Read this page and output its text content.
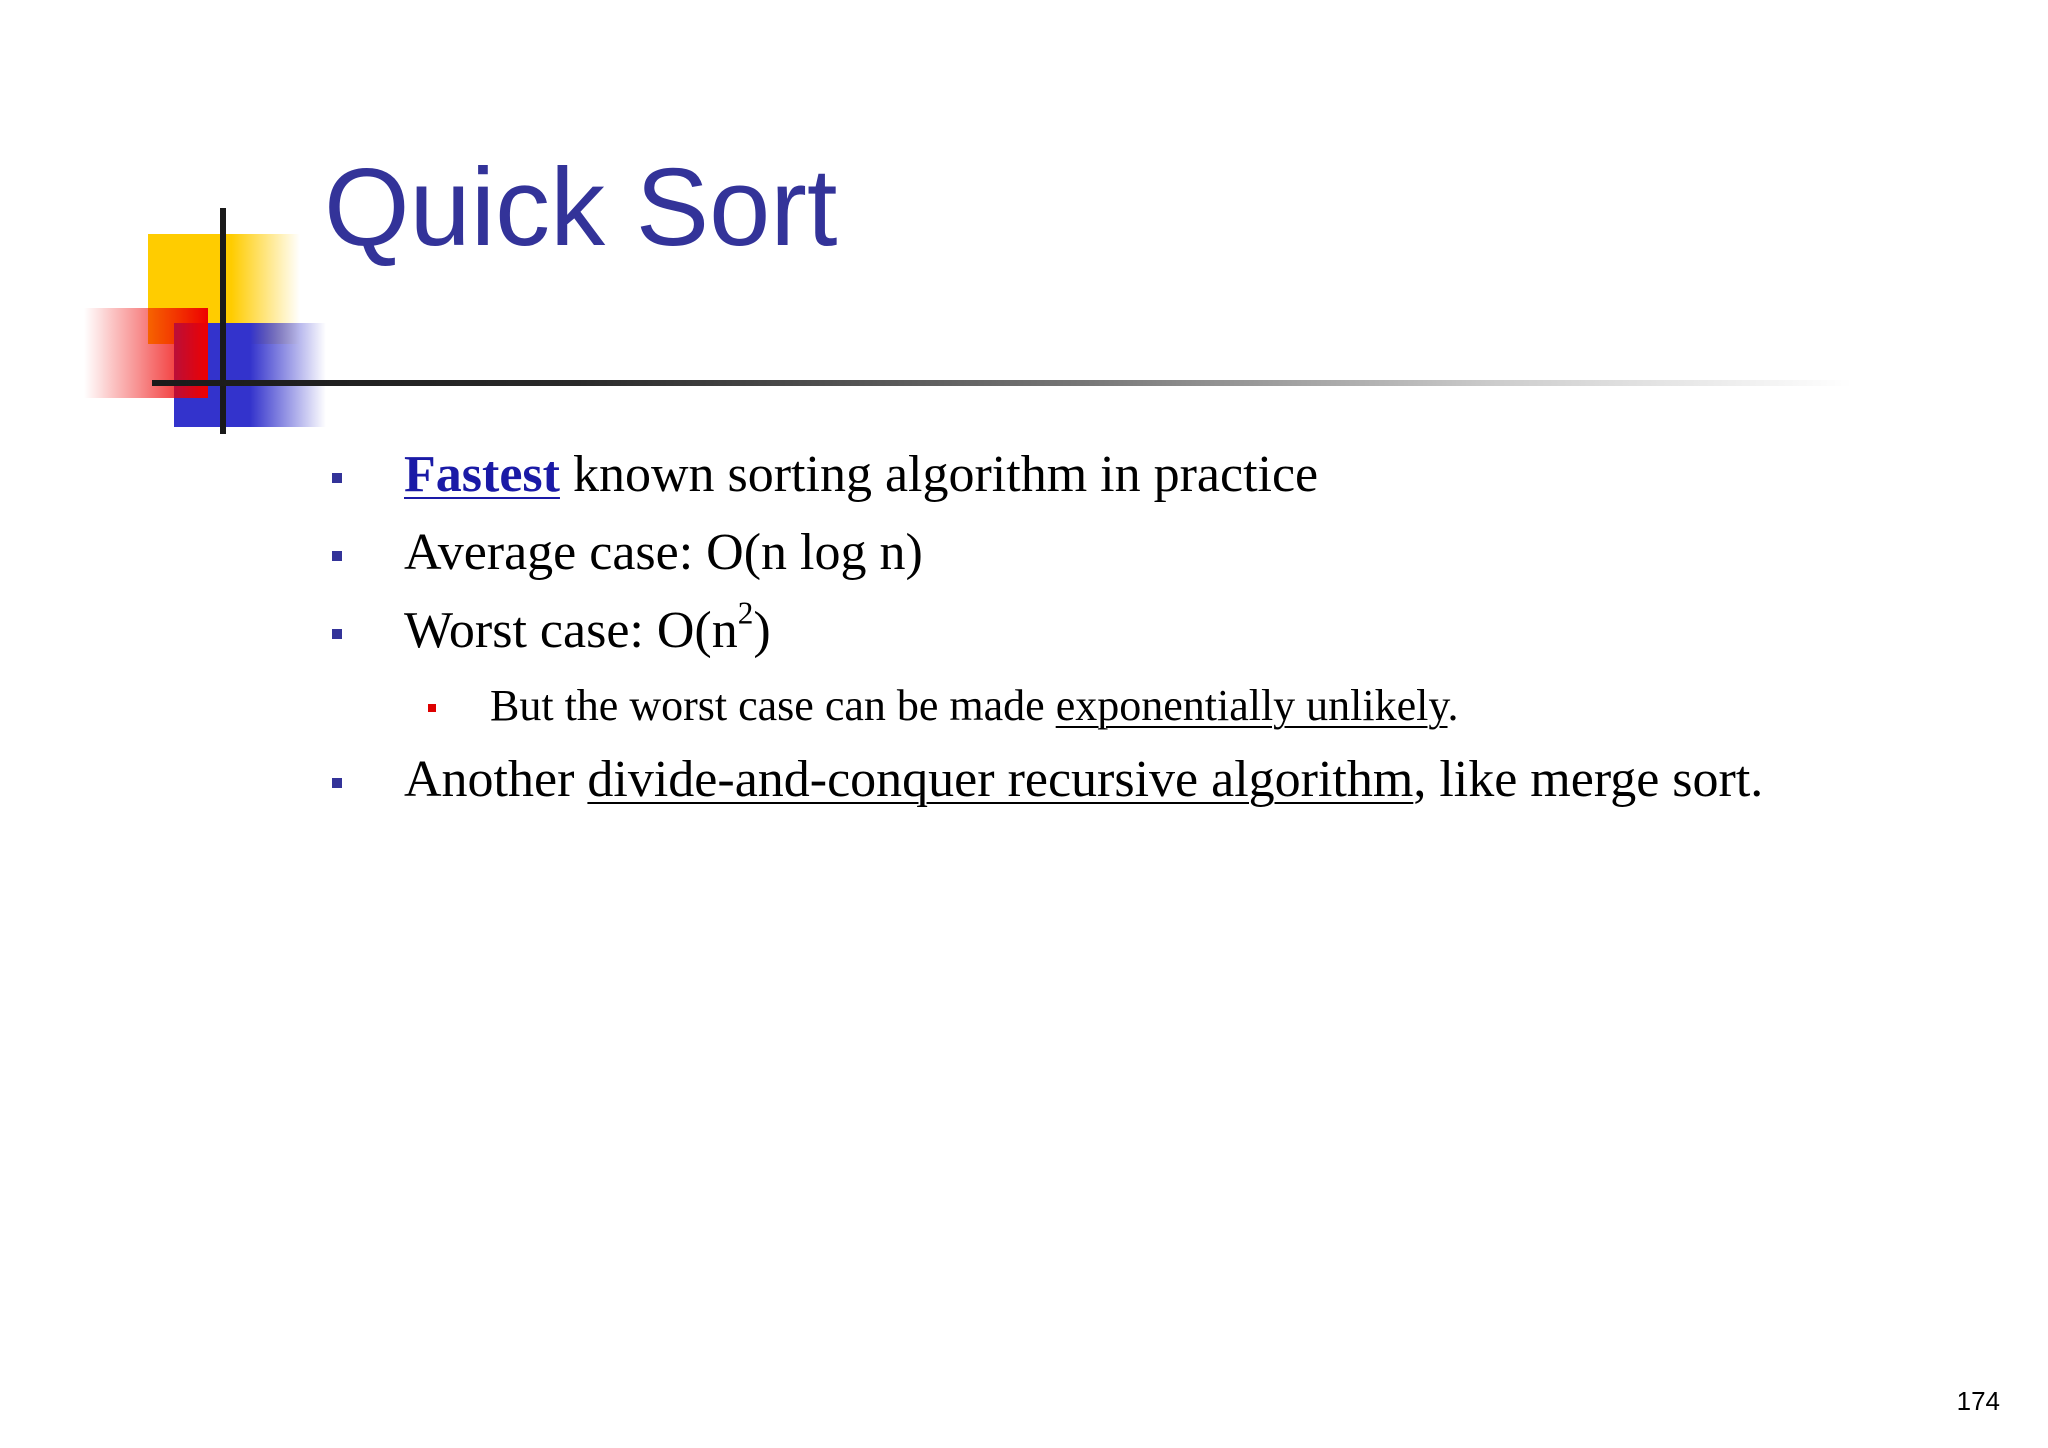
Quick Sort
Fastest known sorting algorithm in practice
Average case: O(n log n)
Worst case: $O(n^2)$
But the worst case can be made exponentially unlikely.
Another divide-and-conquer recursive algorithm, like merge sort.
174
